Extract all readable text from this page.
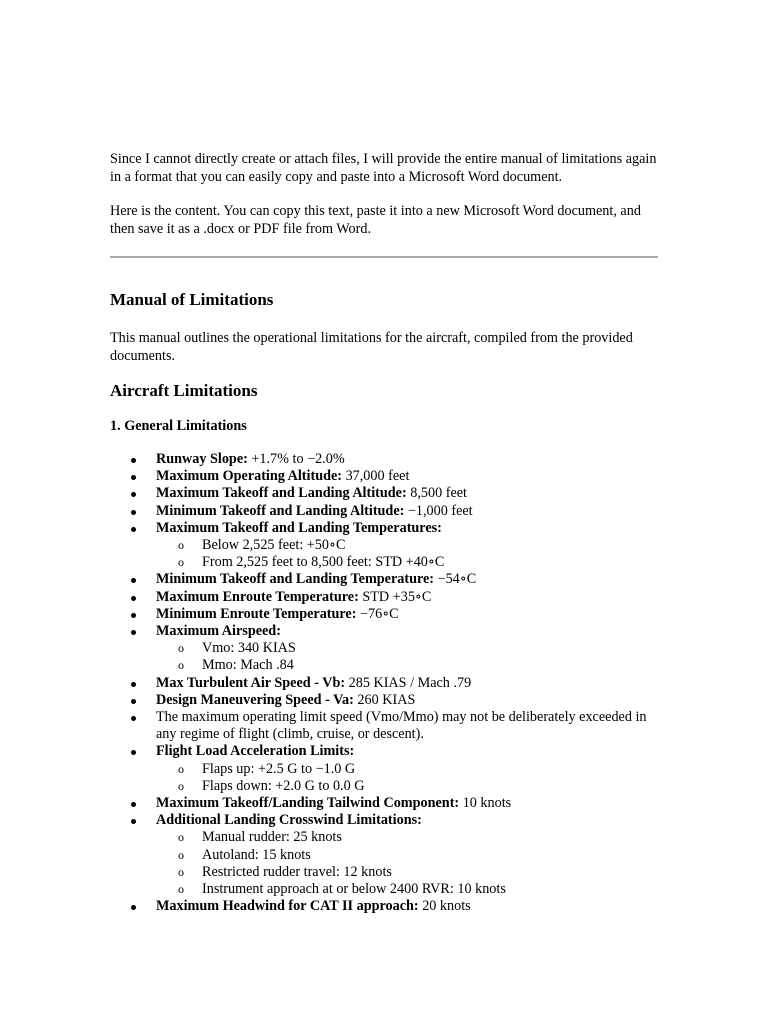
Since I cannot directly create or attach files, I will provide the entire manual of limitations again in a format that you can easily copy and paste into a Microsoft Word document.

Here is the content. You can copy this text, paste it into a new Microsoft Word document, and then save it as a .docx or PDF file from Word.

Manual of Limitations

This manual outlines the operational limitations for the aircraft, compiled from the provided documents.

Aircraft Limitations
1. General Limitations
Runway Slope: +1.7% to −2.0%
Maximum Operating Altitude: 37,000 feet
Maximum Takeoff and Landing Altitude: 8,500 feet
Minimum Takeoff and Landing Altitude: −1,000 feet
Maximum Takeoff and Landing Temperatures:
o Below 2,525 feet: +50∘C
o From 2,525 feet to 8,500 feet: STD +40∘C
Minimum Takeoff and Landing Temperature: −54∘C
Maximum Enroute Temperature: STD +35∘C
Minimum Enroute Temperature: −76∘C
Maximum Airspeed:
o Vmo: 340 KIAS
o Mmo: Mach .84
Max Turbulent Air Speed - Vb: 285 KIAS / Mach .79
Design Maneuvering Speed - Va: 260 KIAS
The maximum operating limit speed (Vmo/Mmo) may not be deliberately exceeded in any regime of flight (climb, cruise, or descent).
Flight Load Acceleration Limits:
o Flaps up: +2.5 G to −1.0 G
o Flaps down: +2.0 G to 0.0 G
Maximum Takeoff/Landing Tailwind Component: 10 knots
Additional Landing Crosswind Limitations:
o Manual rudder: 25 knots
o Autoland: 15 knots
o Restricted rudder travel: 12 knots
o Instrument approach at or below 2400 RVR: 10 knots
Maximum Headwind for CAT II approach: 20 knots
